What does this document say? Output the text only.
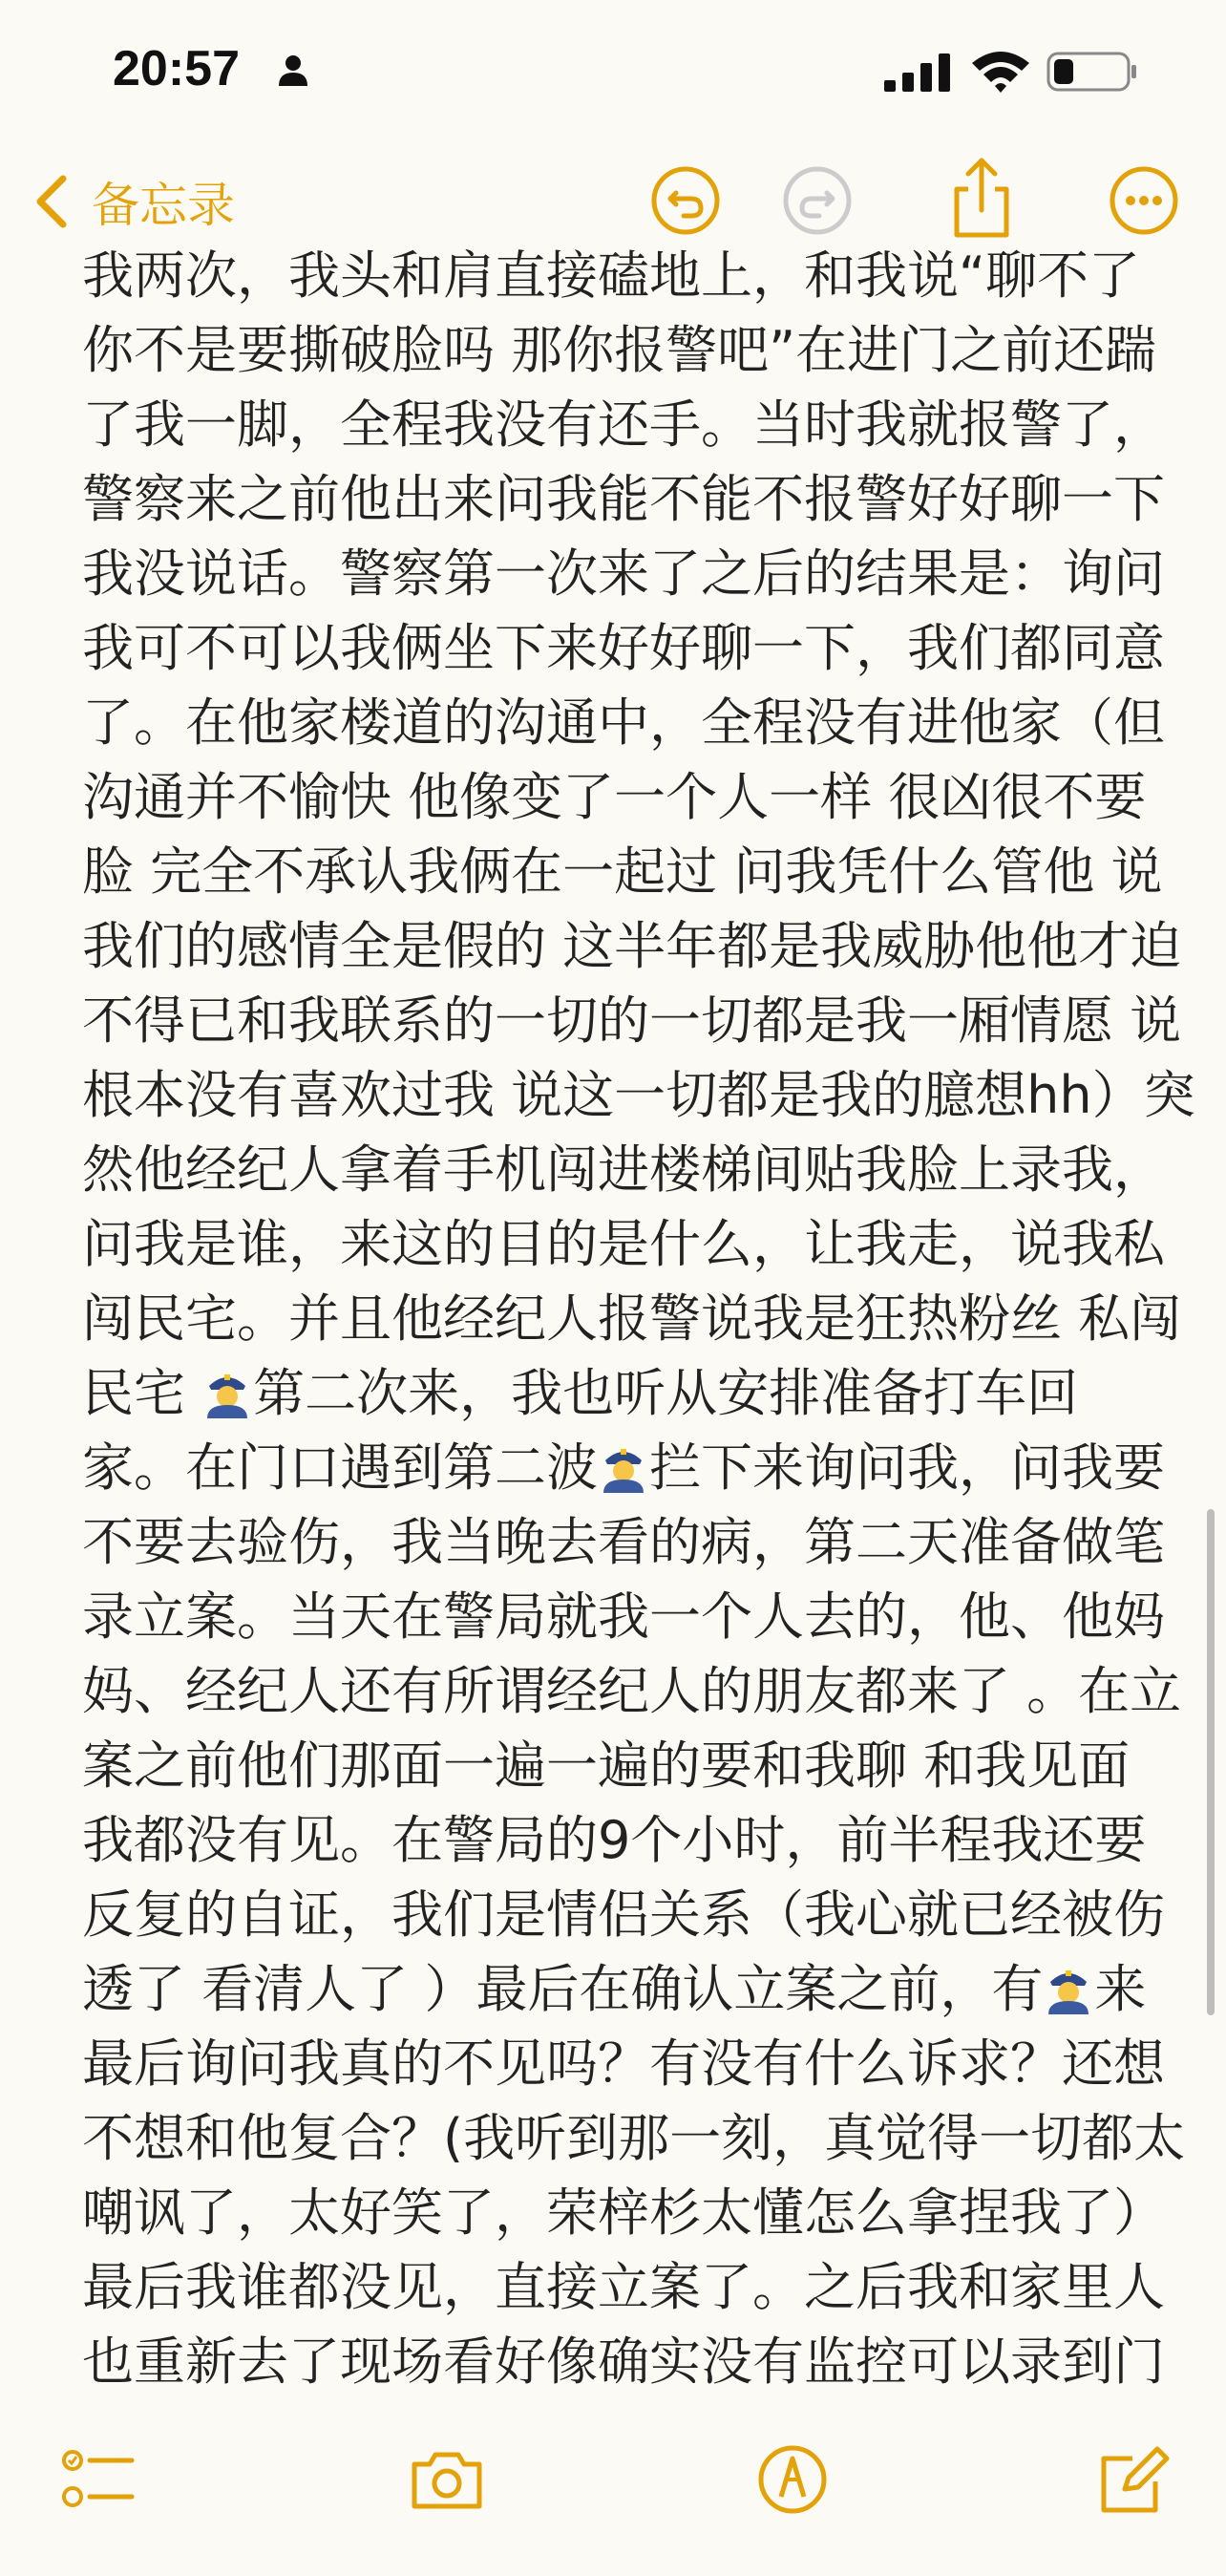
20:57
备忘录
我两次，我头和肩直接磕地上，和我说“聊不了
你不是要撕破脸吗 那你报警吧”在进门之前还踹
了我一脚，全程我没有还手。当时我就报警了，
警察来之前他出来问我能不能不报警好好聊一下
我没说话。警察第一次来了之后的结果是：询问
我可不可以我俩坐下来好好聊一下，我们都同意
了。在他家楼道的沟通中，全程没有进他家（但
沟通并不愉快 他像变了一个人一样 很凶很不要
脸 完全不承认我俩在一起过 问我凭什么管他 说
我们的感情全是假的 这半年都是我威胁他他才迫
不得已和我联系的一切的一切都是我一厢情愿 说
根本没有喜欢过我 说这一切都是我的臆想hh）突
然他经纪人拿着手机闯进楼梯间贴我脸上录我，
问我是谁，来这的目的是什么，让我走，说我私
闯民宅。并且他经纪人报警说我是狂热粉丝 私闯
民宅 第二次来，我也听从安排准备打车回
家。在门口遇到第二波 拦下来询问我，问我要
不要去验伤，我当晚去看的病，第二天准备做笔
录立案。当天在警局就我一个人去的，他、他妈
妈、经纪人还有所谓经纪人的朋友都来了 。在立
案之前他们那面一遍一遍的要和我聊 和我见面
我都没有见。在警局的9个小时，前半程我还要
反复的自证，我们是情侣关系（我心就已经被伤
透了 看清人了 ）最后在确认立案之前，有 来
最后询问我真的不见吗？有没有什么诉求？还想
不想和他复合？(我听到那一刻，真觉得一切都太
嘲讽了，太好笑了，荣梓杉太懂怎么拿捏我了）
最后我谁都没见，直接立案了。之后我和家里人
也重新去了现场看好像确实没有监控可以录到门
